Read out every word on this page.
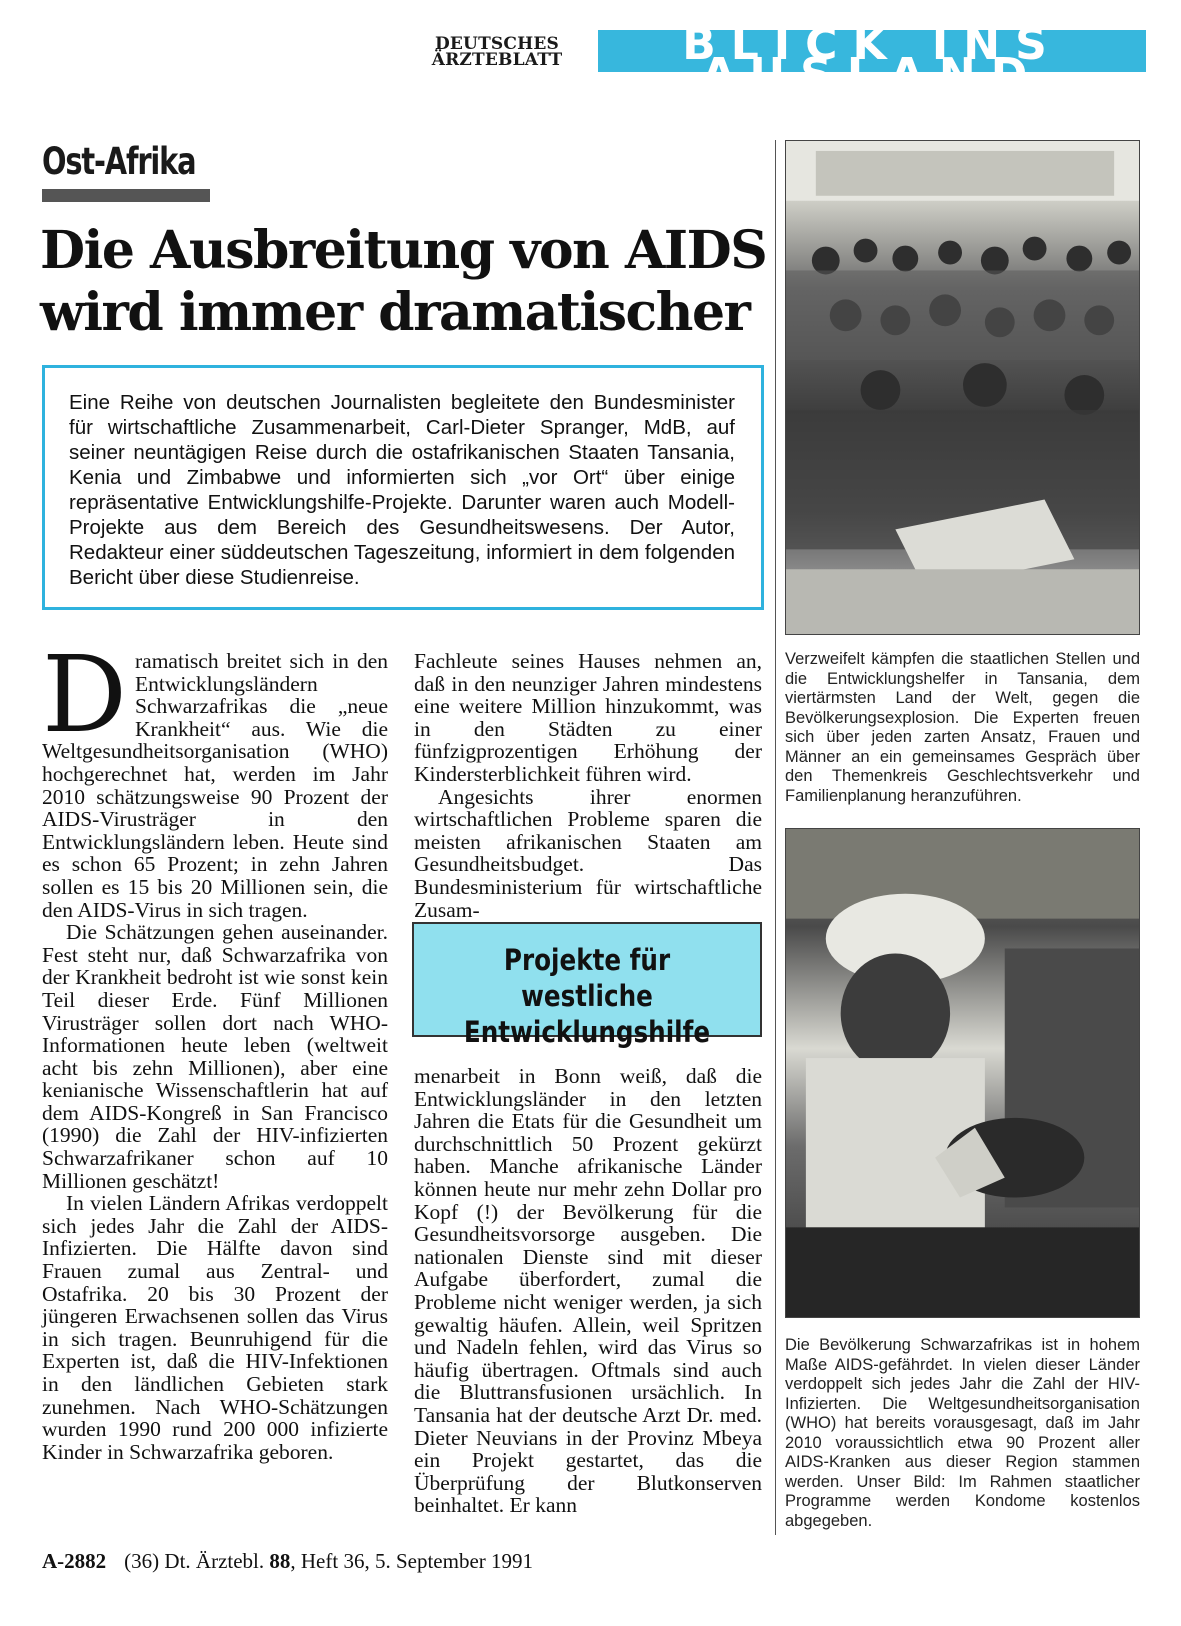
DEUTSCHES
ÄRZTEBLATT	BLICK INS AUSLAND
Ost-Afrika
Die Ausbreitung von AIDS
wird immer dramatischer

Eine Reihe von deutschen Journalisten begleitete den Bundesminister für wirtschaftliche Zusammenarbeit, Carl-Dieter Spranger, MdB, auf seiner neuntägigen Reise durch die ostafrikanischen Staaten Tansania, Kenia und Zimbabwe und informierten sich „vor Ort“ über einige repräsentative Entwicklungshilfe-Projekte. Darunter waren auch Modell-Projekte aus dem Bereich des Gesundheitswesens. Der Autor, Redakteur einer süddeutschen Tageszeitung, informiert in dem folgenden Bericht über diese Studienreise.

Dramatisch breitet sich in den Entwicklungsländern Schwarzafrikas die „neue Krankheit“ aus. Wie die Weltgesundheitsorganisation (WHO) hochgerechnet hat, werden im Jahr 2010 schätzungsweise 90 Prozent der AIDS-Virusträger in den Entwicklungsländern leben. Heute sind es schon 65 Prozent; in zehn Jahren sollen es 15 bis 20 Millionen sein, die den AIDS-Virus in sich tragen.

Die Schätzungen gehen auseinander. Fest steht nur, daß Schwarzafrika von der Krankheit bedroht ist wie sonst kein Teil dieser Erde. Fünf Millionen Virusträger sollen dort nach WHO-Informationen heute leben (weltweit acht bis zehn Millionen), aber eine kenianische Wissenschaftlerin hat auf dem AIDS-Kongreß in San Francisco (1990) die Zahl der HIV-infizierten Schwarzafrikaner schon auf 10 Millionen geschätzt!

In vielen Ländern Afrikas verdoppelt sich jedes Jahr die Zahl der AIDS-Infizierten. Die Hälfte davon sind Frauen zumal aus Zentral- und Ostafrika. 20 bis 30 Prozent der jüngeren Erwachsenen sollen das Virus in sich tragen. Beunruhigend für die Experten ist, daß die HIV-Infektionen in den ländlichen Gebieten stark zunehmen. Nach WHO-Schätzungen wurden 1990 rund 200 000 infizierte Kinder in Schwarzafrika geboren.

Fachleute seines Hauses nehmen an, daß in den neunziger Jahren mindestens eine weitere Million hinzukommt, was in den Städten zu einer fünfzigprozentigen Erhöhung der Kindersterblichkeit führen wird.

Angesichts ihrer enormen wirtschaftlichen Probleme sparen die meisten afrikanischen Staaten am Gesundheitsbudget. Das Bundesministerium für wirtschaftliche Zusam-

Projekte für westliche
Entwicklungshilfe

menarbeit in Bonn weiß, daß die Entwicklungsländer in den letzten Jahren die Etats für die Gesundheit um durchschnittlich 50 Prozent gekürzt haben. Manche afrikanische Länder können heute nur mehr zehn Dollar pro Kopf (!) der Bevölkerung für die Gesundheitsvorsorge ausgeben. Die nationalen Dienste sind mit dieser Aufgabe überfordert, zumal die Probleme nicht weniger werden, ja sich gewaltig häufen. Allein, weil Spritzen und Nadeln fehlen, wird das Virus so häufig übertragen. Oftmals sind auch die Bluttransfusionen ursächlich. In Tansania hat der deutsche Arzt Dr. med. Dieter Neuvians in der Provinz Mbeya ein Projekt gestartet, das die Überprüfung der Blutkonserven beinhaltet. Er kann

Verzweifelt kämpfen die staatlichen Stellen und die Entwicklungshelfer in Tansania, dem viertärmsten Land der Welt, gegen die Bevölkerungsexplosion. Die Experten freuen sich über jeden zarten Ansatz, Frauen und Männer an ein gemeinsames Gespräch über den Themenkreis Geschlechtsverkehr und Familienplanung heranzuführen.
Die Bevölkerung Schwarzafrikas ist in hohem Maße AIDS-gefährdet. In vielen dieser Länder verdoppelt sich jedes Jahr die Zahl der HIV-Infizierten. Die Weltgesundheitsorganisation (WHO) hat bereits vorausgesagt, daß im Jahr 2010 voraussichtlich etwa 90 Prozent aller AIDS-Kranken aus dieser Region stammen werden. Unser Bild: Im Rahmen staatlicher Programme werden Kondome kostenlos abgegeben.
A-2882 (36) Dt. Ärztebl. 88, Heft 36, 5. September 1991
